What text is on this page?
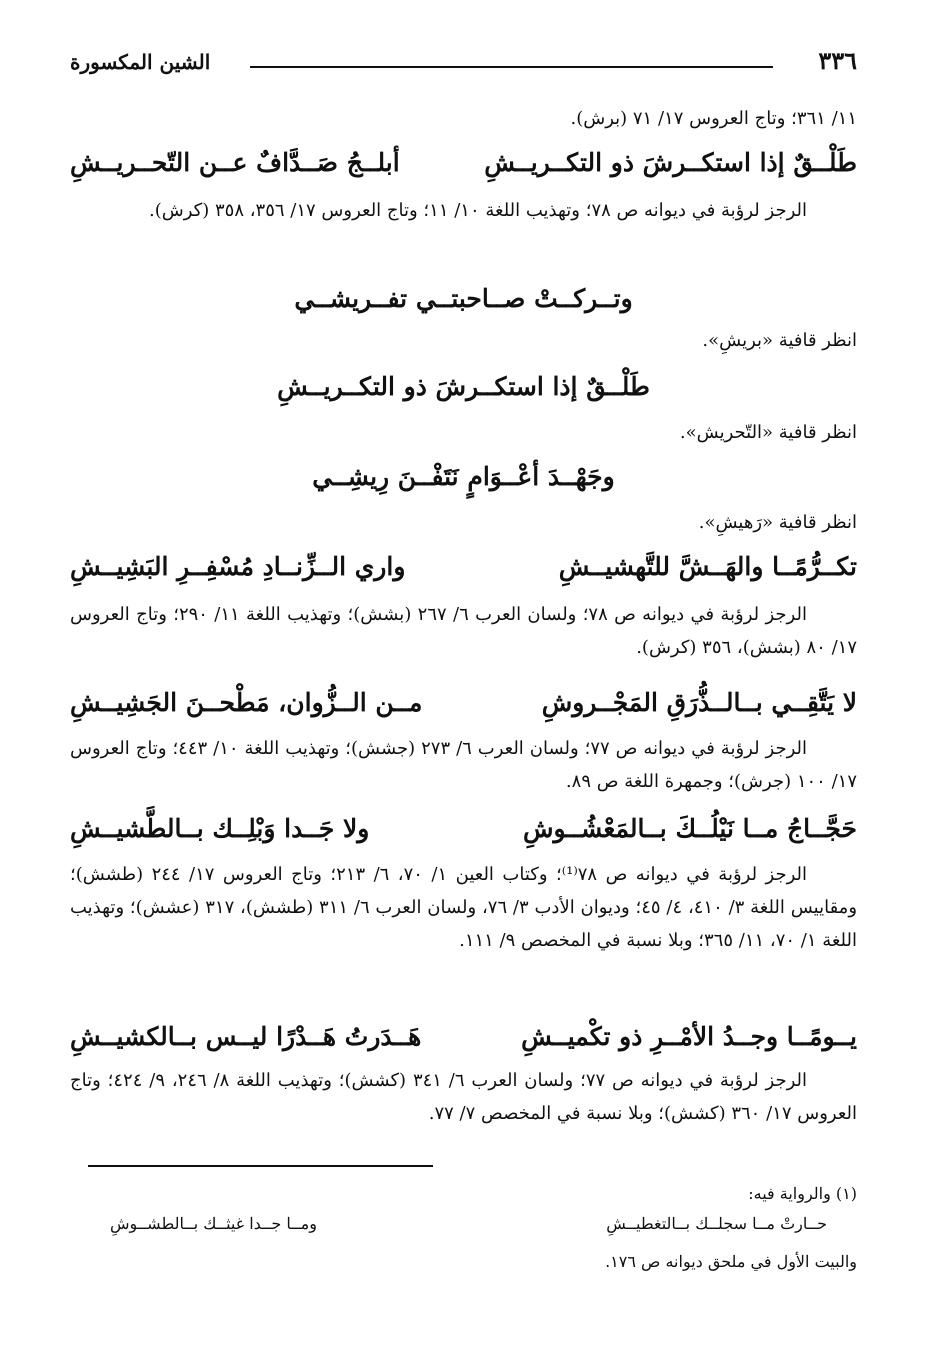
٣٣٦
الشين المكسورة

١١/ ٣٦١؛ وتاج العروس ١٧/ ٧١ (برش).

طَلْــقٌ إذا استكــرشَ ذو التكــريــشِ
أبلــجُ صَــدَّافٌ عــن التّحــريــشِ

الرجز لرؤبة في ديوانه ص ٧٨؛ وتهذيب اللغة ١٠/ ١١؛ وتاج العروس ١٧/ ٣٥٦، ٣٥٨ (كرش).

وتــركــتْ صــاحبتــي تفــريشــي
انظر قافية «بريشِ».
طَلْــقٌ إذا استكــرشَ ذو التكــريــشِ
انظر قافية «التّحريش».
وجَهْــدَ أعْــوَامٍ نَتَفْــنَ رِيشِــي
انظر قافية «رَهيشِ».
تكــرُّمًــا والهَــشَّ للتَّهشيــشِ
واري الــزِّنــادِ مُسْفِــرِ البَشِيــشِ

الرجز لرؤبة في ديوانه ص ٧٨؛ ولسان العرب ٦/ ٢٦٧ (بشش)؛ وتهذيب اللغة ١١/ ٢٩٠؛ وتاج العروس ١٧/ ٨٠ (بشش)، ٣٥٦ (كرش).

لا يَتَّقِــي بــالــذُّرَقِ المَجْــروشِ
مــن الــزُّوان، مَطْحــنَ الجَشِيــشِ

الرجز لرؤبة في ديوانه ص ٧٧؛ ولسان العرب ٦/ ٢٧٣ (جشش)؛ وتهذيب اللغة ١٠/ ٤٤٣؛ وتاج العروس ١٧/ ١٠٠ (جرش)؛ وجمهرة اللغة ص ٨٩.

حَجَّــاجُ مــا نَيْلُــكَ بــالمَعْشُــوشِ
ولا جَــدا وَبْلِــك بــالطَّشيــشِ

الرجز لرؤبة في ديوانه ص ٧٨⁽¹⁾؛ وكتاب العين ١/ ٧٠، ٦/ ٢١٣؛ وتاج العروس ١٧/ ٢٤٤ (طشش)؛ ومقاييس اللغة ٣/ ٤١٠، ٤/ ٤٥؛ وديوان الأدب ٣/ ٧٦، ولسان العرب ٦/ ٣١١ (طشش)، ٣١٧ (عشش)؛ وتهذيب اللغة ١/ ٧٠، ١١/ ٣٦٥؛ وبلا نسبة في المخصص ٩/ ١١١.

يــومًــا وجــدُ الأمْــرِ ذو تكْميــشِ
هَــدَرتُ هَــدْرًا ليــس بــالكشيــشِ

الرجز لرؤبة في ديوانه ص ٧٧؛ ولسان العرب ٦/ ٣٤١ (كشش)؛ وتهذيب اللغة ٨/ ٢٤٦، ٩/ ٤٢٤؛ وتاج العروس ١٧/ ٣٦٠ (كشش)؛ وبلا نسبة في المخصص ٧/ ٧٧.

(١) والرواية فيه:
حــارتْ مــا سجلــك بــالتغطيــشِ
ومــا جــدا غيثــك بــالطشــوشِ
والبيت الأول في ملحق ديوانه ص ١٧٦.
